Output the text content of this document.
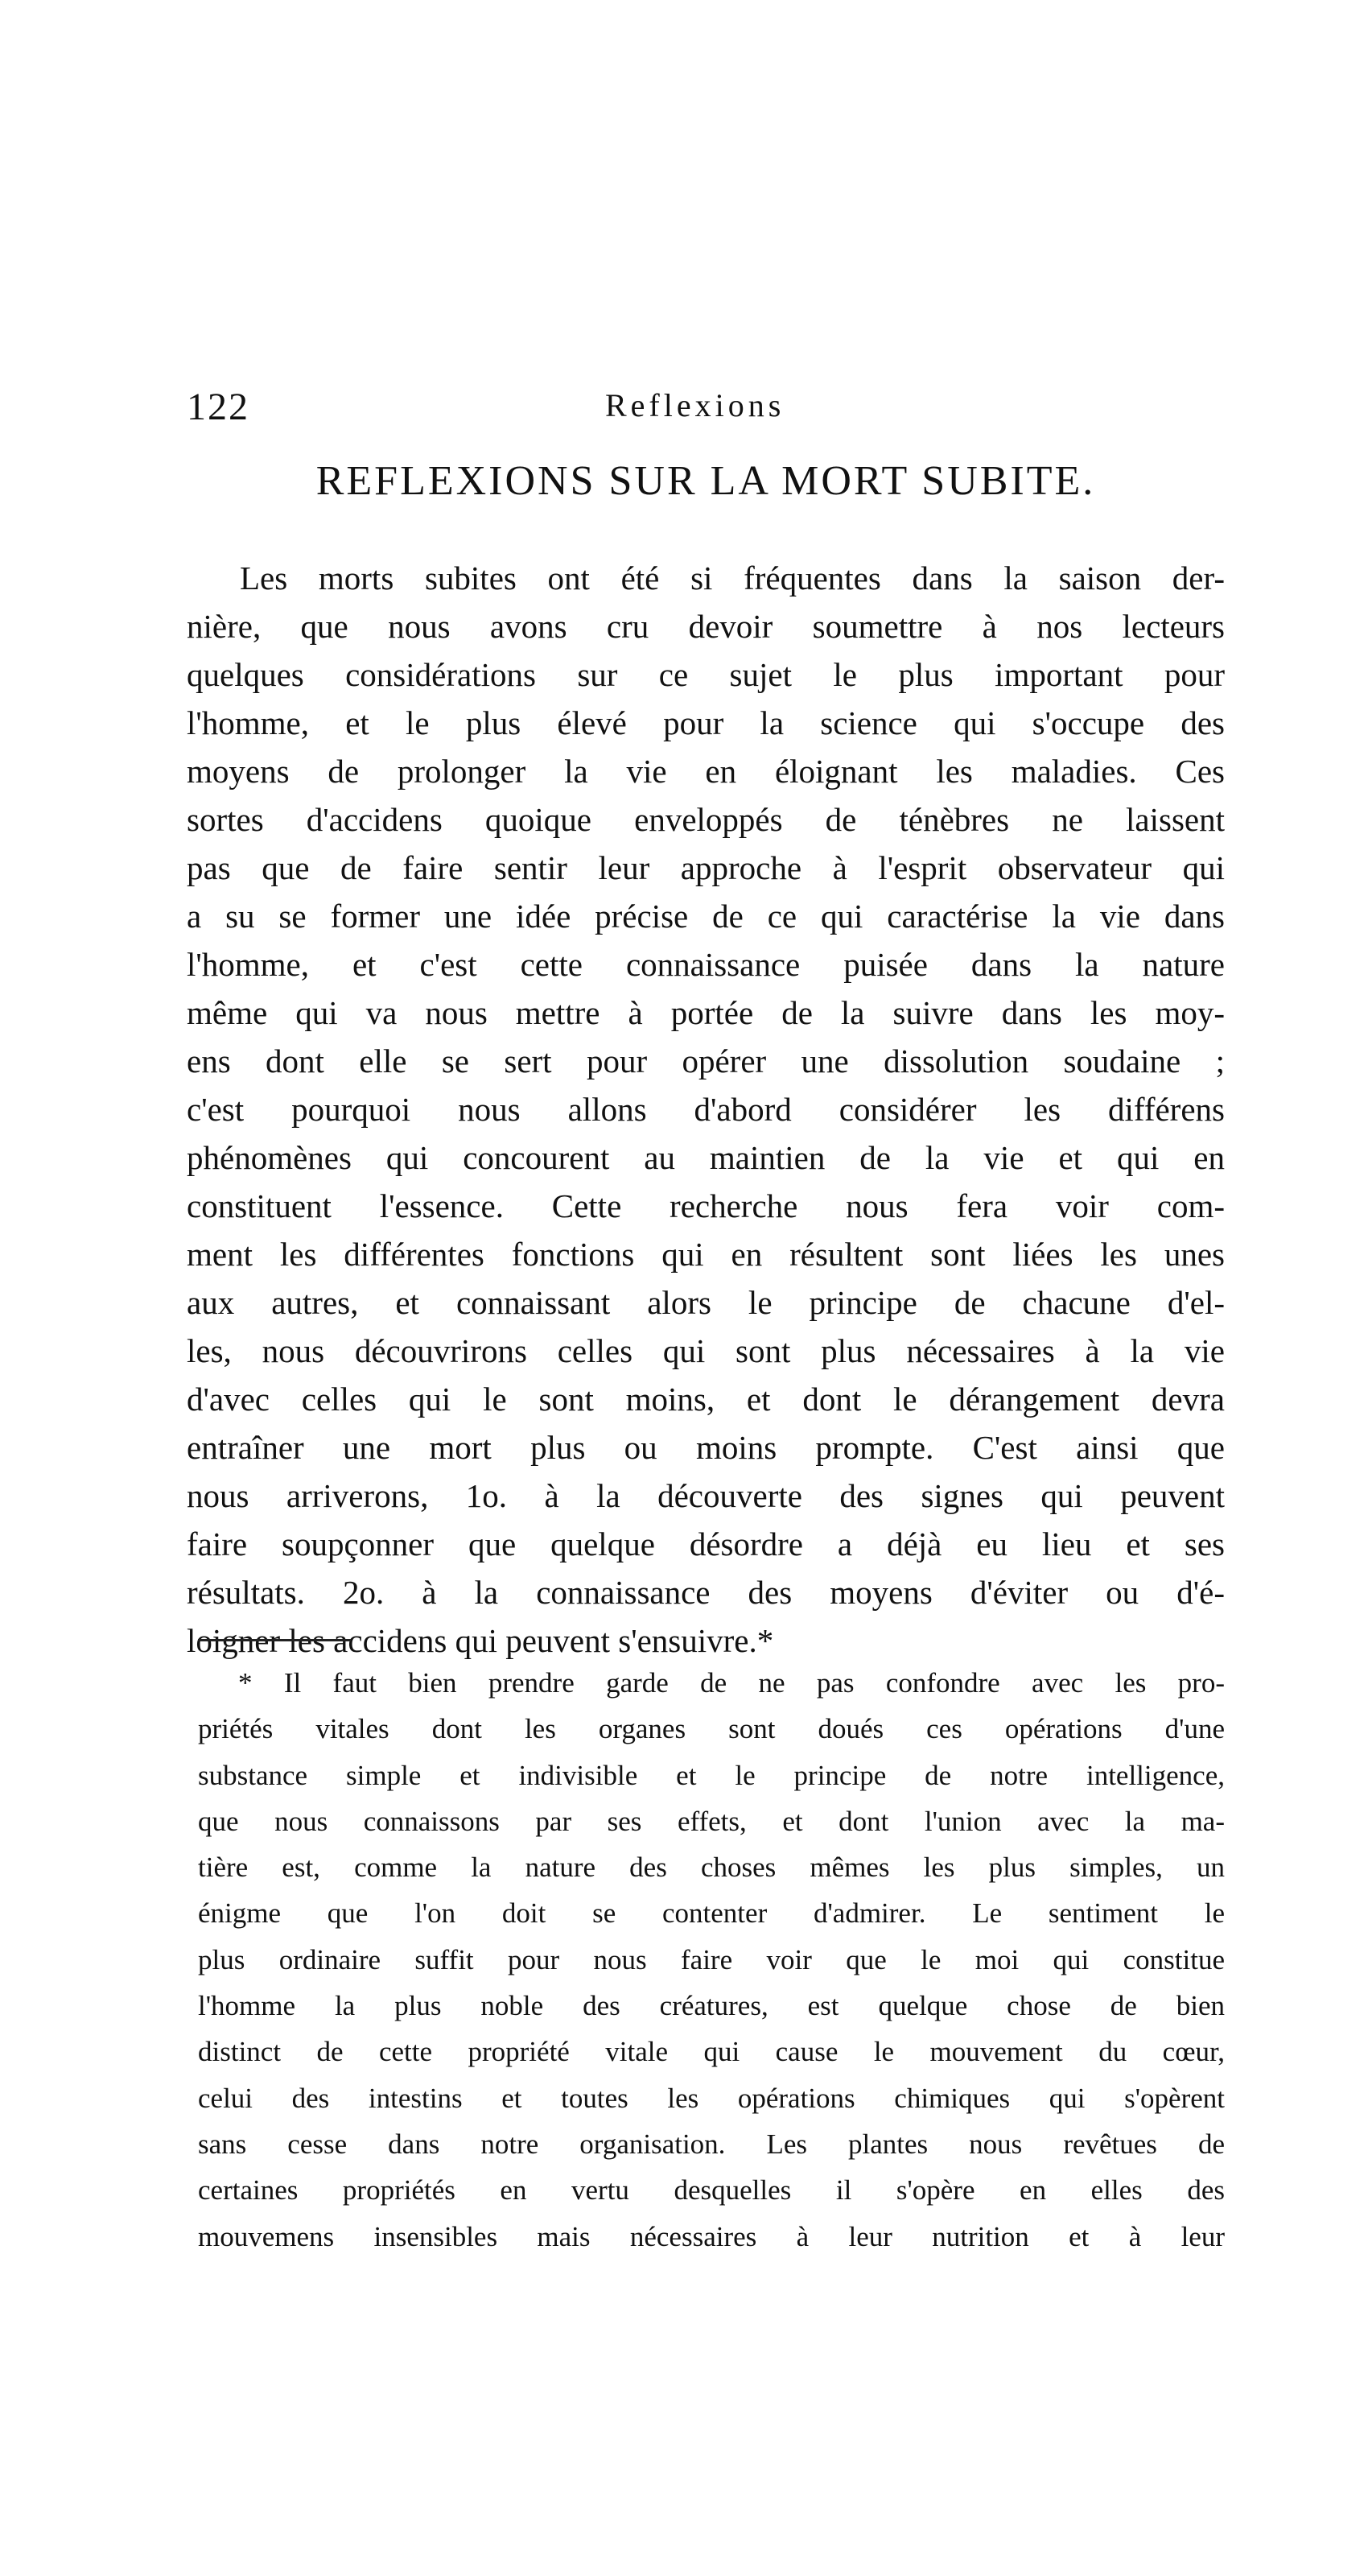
122	Reflexions
REFLEXIONS SUR LA MORT SUBITE.
Les morts subites ont été si fréquentes dans la saison der-
nière, que nous avons cru devoir soumettre à nos lecteurs
quelques considérations sur ce sujet le plus important pour
l'homme, et le plus élevé pour la science qui s'occupe des
moyens de prolonger la vie en éloignant les maladies. Ces
sortes d'accidens quoique enveloppés de ténèbres ne laissent
pas que de faire sentir leur approche à l'esprit observateur qui
a su se former une idée précise de ce qui caractérise la vie dans
l'homme, et c'est cette connaissance puisée dans la nature
même qui va nous mettre à portée de la suivre dans les moy-
ens dont elle se sert pour opérer une dissolution soudaine ;
c'est pourquoi nous allons d'abord considérer les différens
phénomènes qui concourent au maintien de la vie et qui en
constituent l'essence. Cette recherche nous fera voir com-
ment les différentes fonctions qui en résultent sont liées les unes
aux autres, et connaissant alors le principe de chacune d'el-
les, nous découvrirons celles qui sont plus nécessaires à la vie
d'avec celles qui le sont moins, et dont le dérangement devra
entraîner une mort plus ou moins prompte. C'est ainsi que
nous arriverons, 1o. à la découverte des signes qui peuvent
faire soupçonner que quelque désordre a déjà eu lieu et ses
résultats. 2o. à la connaissance des moyens d'éviter ou d'é-
loigner les accidens qui peuvent s'ensuivre.*
* Il faut bien prendre garde de ne pas confondre avec les pro-
priétés vitales dont les organes sont doués ces opérations d'une
substance simple et indivisible et le principe de notre intelligence,
que nous connaissons par ses effets, et dont l'union avec la ma-
tière est, comme la nature des choses mêmes les plus simples, un
énigme que l'on doit se contenter d'admirer. Le sentiment le
plus ordinaire suffit pour nous faire voir que le moi qui constitue
l'homme la plus noble des créatures, est quelque chose de bien
distinct de cette propriété vitale qui cause le mouvement du cœur,
celui des intestins et toutes les opérations chimiques qui s'opèrent
sans cesse dans notre organisation. Les plantes nous revêtues de
certaines propriétés en vertu desquelles il s'opère en elles des
mouvemens insensibles mais nécessaires à leur nutrition et à leur
